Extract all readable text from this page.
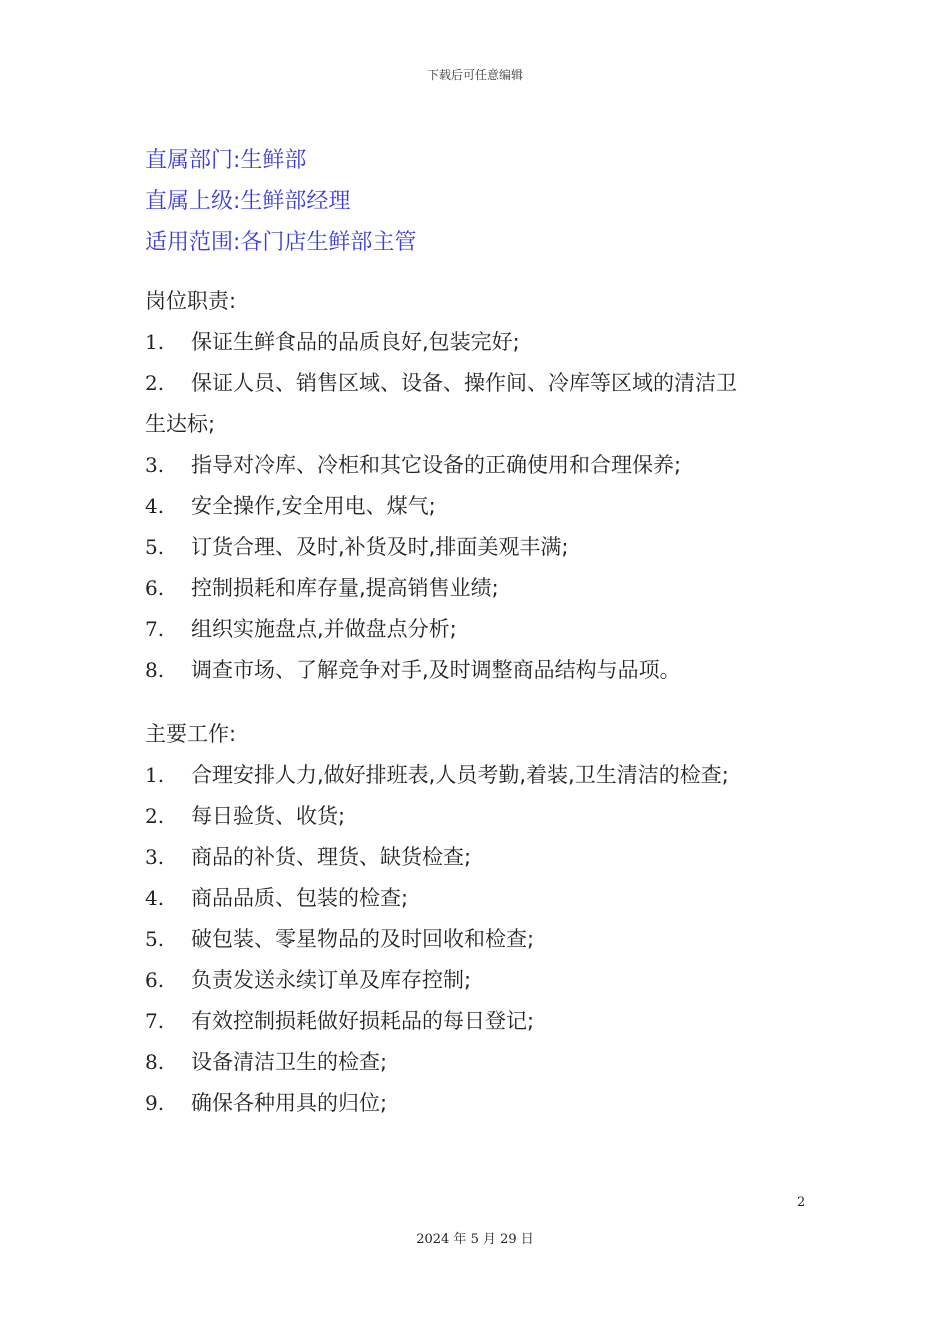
下载后可任意编辑
直属部门:生鲜部
直属上级:生鲜部经理
适用范围:各门店生鲜部主管
岗位职责:
1.	保证生鲜食品的品质良好,包装完好;
2.	保证人员、销售区域、设备、操作间、冷库等区域的清洁卫
生达标;
3.	指导对冷库、冷柜和其它设备的正确使用和合理保养;
4.	安全操作,安全用电、煤气;
5.	订货合理、及时,补货及时,排面美观丰满;
6.	控制损耗和库存量,提高销售业绩;
7.	组织实施盘点,并做盘点分析;
8.	调查市场、了解竞争对手,及时调整商品结构与品项。
主要工作:
1.	合理安排人力,做好排班表,人员考勤,着装,卫生清洁的检查;
2.	每日验货、收货;
3.	商品的补货、理货、缺货检查;
4.	商品品质、包装的检查;
5.	破包装、零星物品的及时回收和检查;
6.	负责发送永续订单及库存控制;
7.	有效控制损耗做好损耗品的每日登记;
8.	设备清洁卫生的检查;
9.	确保各种用具的归位;
2
2024 年 5 月 29 日
